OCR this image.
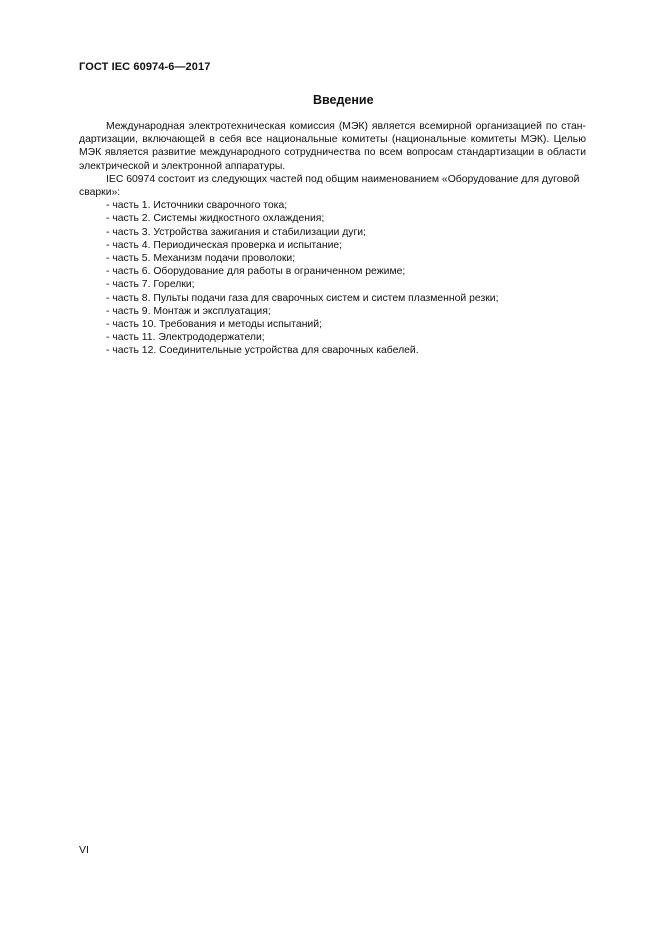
ГОСТ IEC 60974-6—2017
Введение

Международная электротехническая комиссия (МЭК) является всемирной организацией по стан-дартизации, включающей в себя все национальные комитеты (национальные комитеты МЭК). Целью МЭК является развитие международного сотрудничества по всем вопросам стандартизации в области электрической и электронной аппаратуры.

IEC 60974 состоит из следующих частей под общим наименованием «Оборудование для дуговой сварки»:

- часть 1. Источники сварочного тока;
- часть 2. Системы жидкостного охлаждения;
- часть 3. Устройства зажигания и стабилизации дуги;
- часть 4. Периодическая проверка и испытание;
- часть 5. Механизм подачи проволоки;
- часть 6. Оборудование для работы в ограниченном режиме;
- часть 7. Горелки;
- часть 8. Пульты подачи газа для сварочных систем и систем плазменной резки;
- часть 9. Монтаж и эксплуатация;
- часть 10. Требования и методы испытаний;
- часть 11. Электрододержатели;
- часть 12. Соединительные устройства для сварочных кабелей.
VI
